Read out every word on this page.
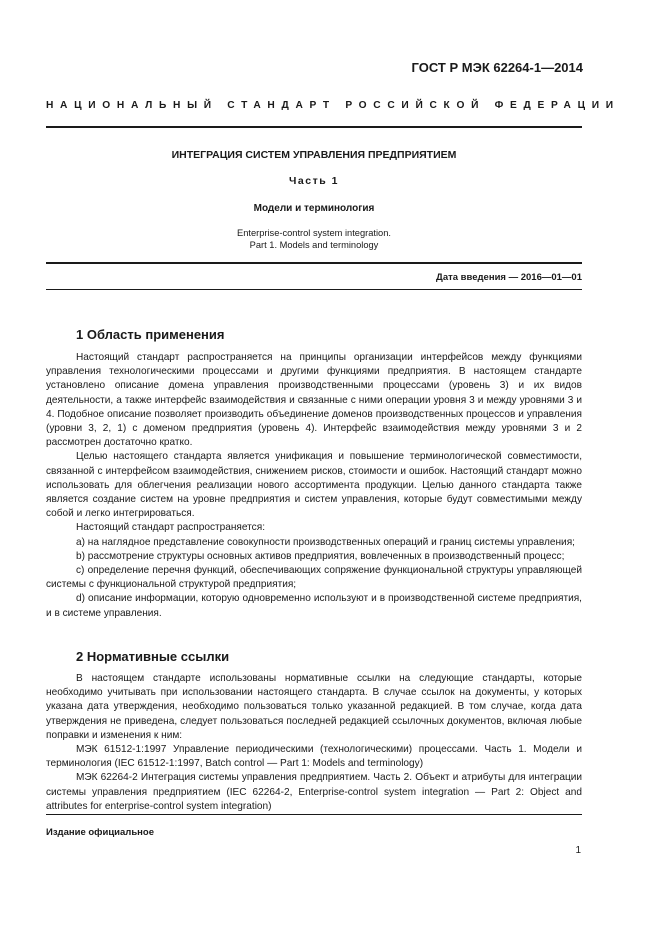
ГОСТ Р МЭК 62264-1—2014
НАЦИОНАЛЬНЫЙ СТАНДАРТ РОССИЙСКОЙ ФЕДЕРАЦИИ
ИНТЕГРАЦИЯ СИСТЕМ УПРАВЛЕНИЯ ПРЕДПРИЯТИЕМ
Часть 1
Модели и терминология
Enterprise-control system integration.
Part 1. Models and terminology
Дата введения — 2016—01—01
1 Область применения

Настоящий стандарт распространяется на принципы организации интерфейсов между функциями управления технологическими процессами и другими функциями предприятия. В настоящем стандарте установлено описание домена управления производственными процессами (уровень 3) и их видов деятельности, а также интерфейс взаимодействия и связанные с ними операции уровня 3 и между уровнями 3 и 4. Подобное описание позволяет производить объединение доменов производственных процессов и управления (уровни 3, 2, 1) с доменом предприятия (уровень 4). Интерфейс взаимодействия между уровнями 3 и 2 рассмотрен достаточно кратко.

Целью настоящего стандарта является унификация и повышение терминологической совместимости, связанной с интерфейсом взаимодействия, снижением рисков, стоимости и ошибок. Настоящий стандарт можно использовать для облегчения реализации нового ассортимента продукции. Целью данного стандарта также является создание систем на уровне предприятия и систем управления, которые будут совместимыми между собой и легко интегрироваться.

Настоящий стандарт распространяется:

a) на наглядное представление совокупности производственных операций и границ системы управления;

b) рассмотрение структуры основных активов предприятия, вовлеченных в производственный процесс;

c) определение перечня функций, обеспечивающих сопряжение функциональной структуры управляющей системы с функциональной структурой предприятия;

d) описание информации, которую одновременно используют и в производственной системе предприятия, и в системе управления.

2 Нормативные ссылки

В настоящем стандарте использованы нормативные ссылки на следующие стандарты, которые необходимо учитывать при использовании настоящего стандарта. В случае ссылок на документы, у которых указана дата утверждения, необходимо пользоваться только указанной редакцией. В том случае, когда дата утверждения не приведена, следует пользоваться последней редакцией ссылочных документов, включая любые поправки и изменения к ним:

МЭК 61512-1:1997 Управление периодическими (технологическими) процессами. Часть 1. Модели и терминология (IEC 61512-1:1997, Batch control — Part 1: Models and terminology)

МЭК 62264-2 Интеграция системы управления предприятием. Часть 2. Объект и атрибуты для интеграции системы управления предприятием (IEC 62264-2, Enterprise-control system integration — Part 2: Object and attributes for enterprise-control system integration)

Издание официальное
1
